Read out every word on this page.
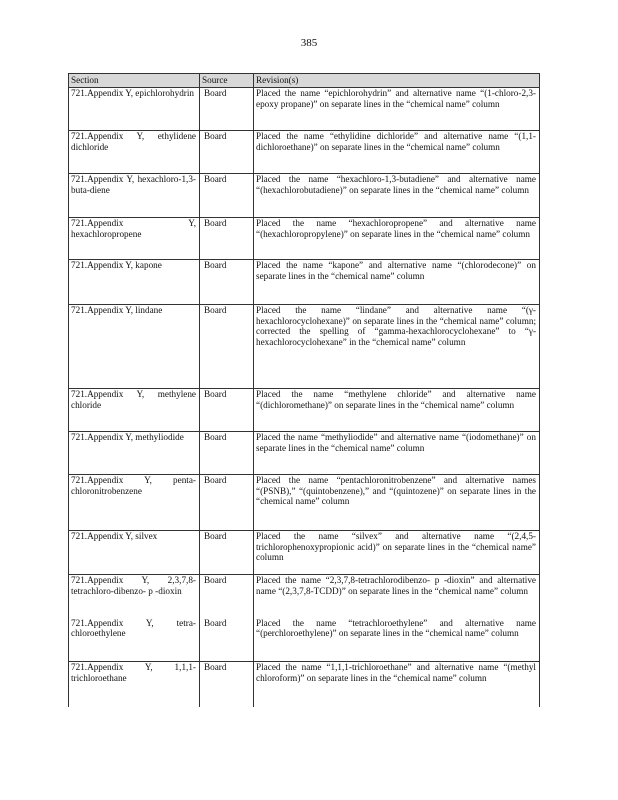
385
Section	Source	Revision(s)
721.Appendix Y, epichlorohydrin	Board	Placed the name “epichlorohydrin” and alternative name “(1-chloro-2,3-epoxy propane)” on separate lines in the “chemical name” column
721.Appendix Y, ethylidene dichloride	Board	Placed the name “ethylidine dichloride” and alternative name “(1,1-dichloroethane)” on separate lines in the “chemical name” column
721.Appendix Y, hexachloro-1,3-buta-diene	Board	Placed the name “hexachloro-1,3-butadiene” and alternative name “(hexachlorobutadiene)” on separate lines in the “chemical name” column
721.Appendix Y, hexachloropropene	Board	Placed the name “hexachloropropene” and alternative name “(hexachloropropylene)” on separate lines in the “chemical name” column
721.Appendix Y, kapone	Board	Placed the name “kapone” and alternative name “(chlorodecone)” on separate lines in the “chemical name” column
721.Appendix Y, lindane	Board	Placed the name “lindane” and alternative name “(γ-hexachlorocyclohexane)” on separate lines in the “chemical name” column; corrected the spelling of “gamma-hexachlorocyclohexane” to “γ-hexachlorocyclohexane” in the “chemical name” column
721.Appendix Y, methylene chloride	Board	Placed the name “methylene chloride” and alternative name “(dichloromethane)” on separate lines in the “chemical name” column
721.Appendix Y, methyliodide	Board	Placed the name “methyliodide” and alternative name “(iodomethane)” on separate lines in the “chemical name” column
721.Appendix Y, penta-chloronitrobenzene	Board	Placed the name “pentachloronitrobenzene” and alternative names “(PSNB),” “(quintobenzene),” and “(quintozene)” on separate lines in the “chemical name” column
721.Appendix Y, silvex	Board	Placed the name “silvex” and alternative name “(2,4,5-trichlorophenoxypropionic acid)” on separate lines in the “chemical name” column
721.Appendix Y, 2,3,7,8-tetrachloro-dibenzo- p -dioxin	Board	Placed the name “2,3,7,8-tetrachlorodibenzo- p -dioxin” and alternative name “(2,3,7,8-TCDD)” on separate lines in the “chemical name” column
721.Appendix Y, tetra-chloroethylene	Board	Placed the name “tetrachloroethylene” and alternative name “(perchloroethylene)” on separate lines in the “chemical name” column
721.Appendix Y, 1,1,1-trichloroethane	Board	Placed the name “1,1,1-trichloroethane” and alternative name “(methyl chloroform)” on separate lines in the “chemical name” column
